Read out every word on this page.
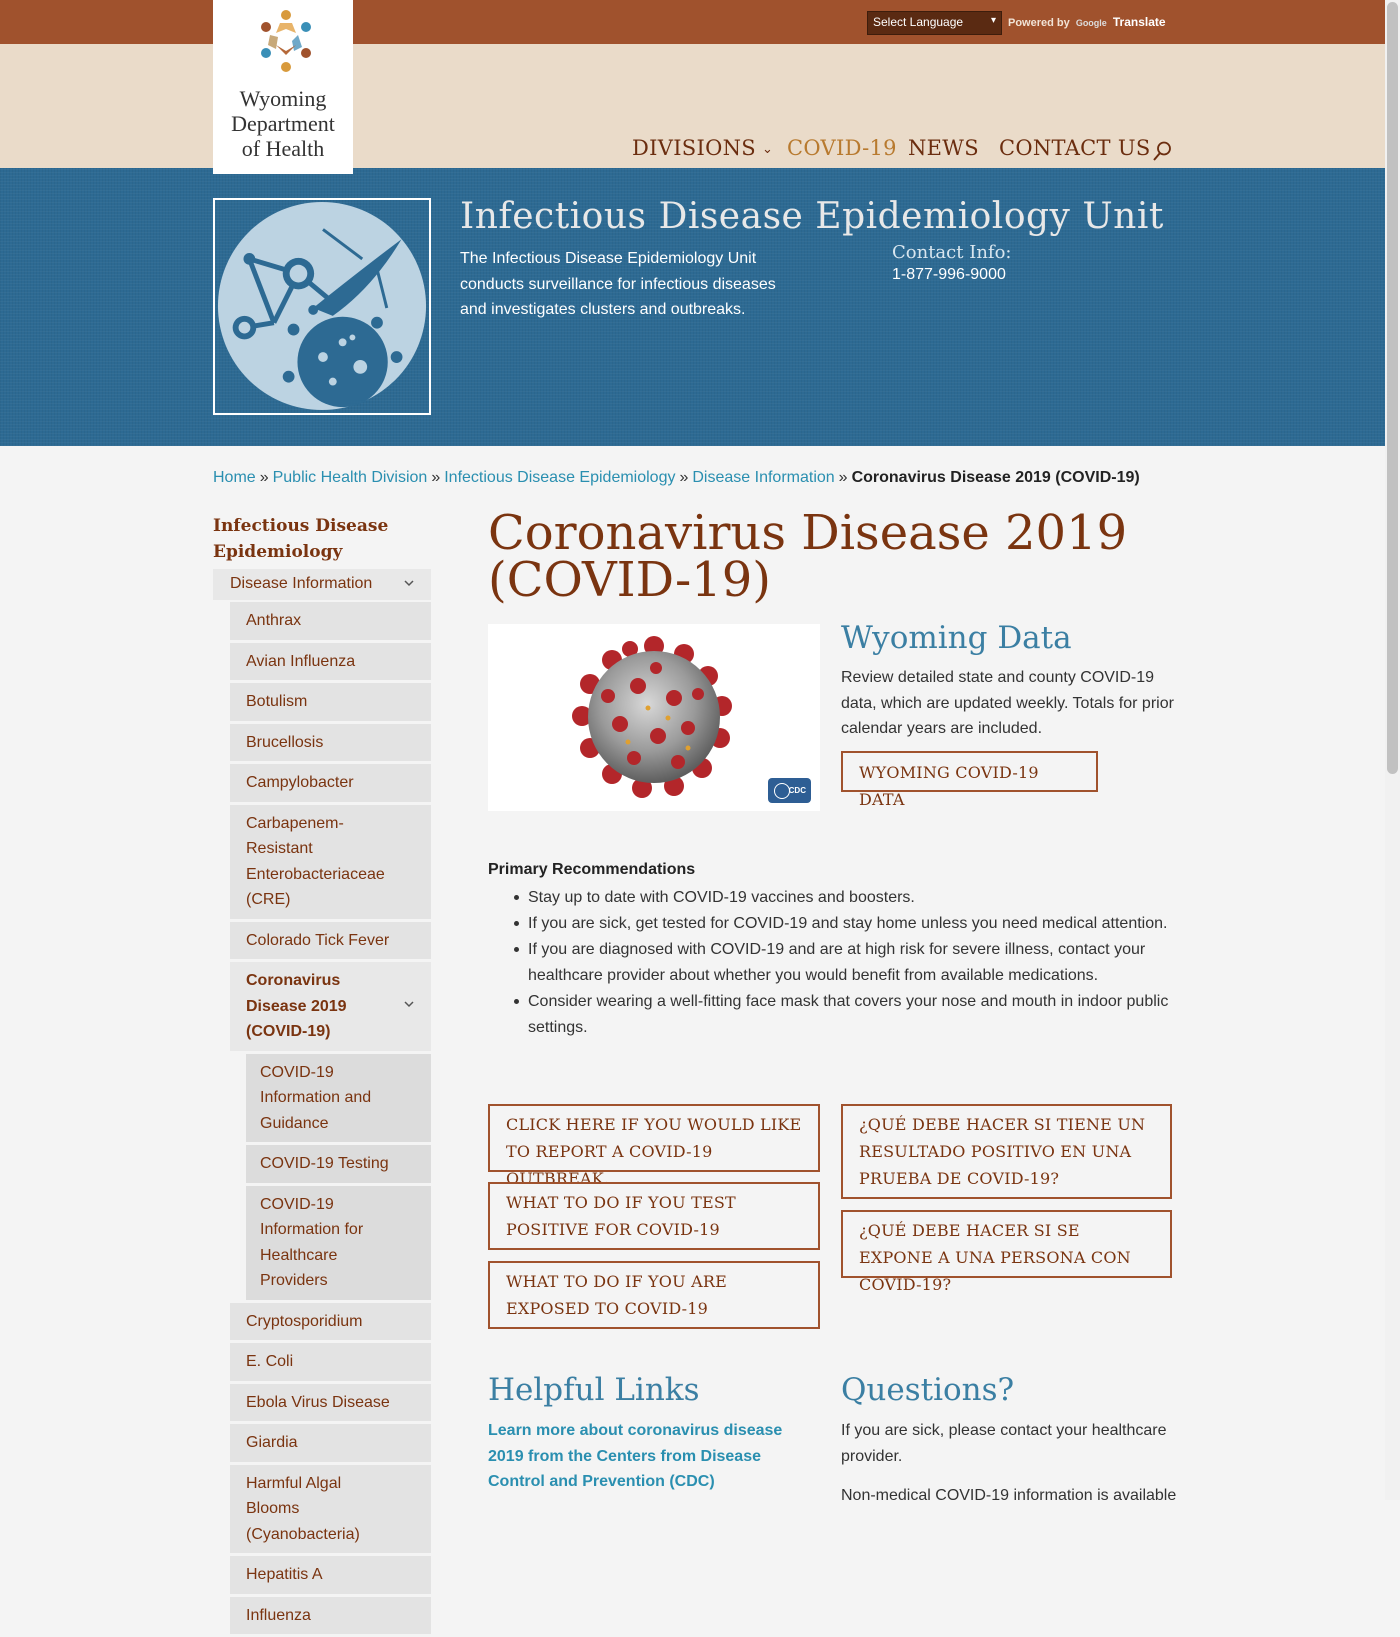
Select Language	▾ Powered by Google Translate
DIVISIONS ⌄ COVID-19 NEWS CONTACT US
Wyoming
Department
of Health
Infectious Disease Epidemiology Unit
The Infectious Disease Epidemiology Unit conducts surveillance for infectious diseases and investigates clusters and outbreaks.
Contact Info:
1-877-996-9000
Home » Public Health Division » Infectious Disease Epidemiology » Disease Information » Coronavirus Disease 2019 (COVID-19)
Infectious Disease Epidemiology
Disease Information
Anthrax
Avian Influenza
Botulism
Brucellosis
Campylobacter
Carbapenem-Resistant Enterobacteriaceae (CRE)
Colorado Tick Fever
Coronavirus Disease 2019 (COVID-19)
COVID-19 Information and Guidance
COVID-19 Testing
COVID-19 Information for Healthcare Providers
Cryptosporidium
E. Coli
Ebola Virus Disease
Giardia
Harmful Algal Blooms (Cyanobacteria)
Hepatitis A
Influenza
Coronavirus Disease 2019 (COVID-19)
CDC
Wyoming Data
Review detailed state and county COVID-19 data, which are updated weekly. Totals for prior calendar years are included.
WYOMING COVID-19 DATA
Primary Recommendations
Stay up to date with COVID-19 vaccines and boosters.
If you are sick, get tested for COVID-19 and stay home unless you need medical attention.
If you are diagnosed with COVID-19 and are at high risk for severe illness, contact your healthcare provider about whether you would benefit from available medications.
Consider wearing a well-fitting face mask that covers your nose and mouth in indoor public settings.
CLICK HERE IF YOU WOULD LIKE TO REPORT A COVID-19 OUTBREAK.
WHAT TO DO IF YOU TEST POSITIVE FOR COVID-19
WHAT TO DO IF YOU ARE EXPOSED TO COVID-19
¿QUÉ DEBE HACER SI TIENE UN RESULTADO POSITIVO EN UNA PRUEBA DE COVID-19?
¿QUÉ DEBE HACER SI SE EXPONE A UNA PERSONA CON COVID-19?
Helpful Links
Learn more about coronavirus disease 2019 from the Centers from Disease Control and Prevention (CDC)
Questions?
If you are sick, please contact your healthcare provider.
Non-medical COVID-19 information is available
